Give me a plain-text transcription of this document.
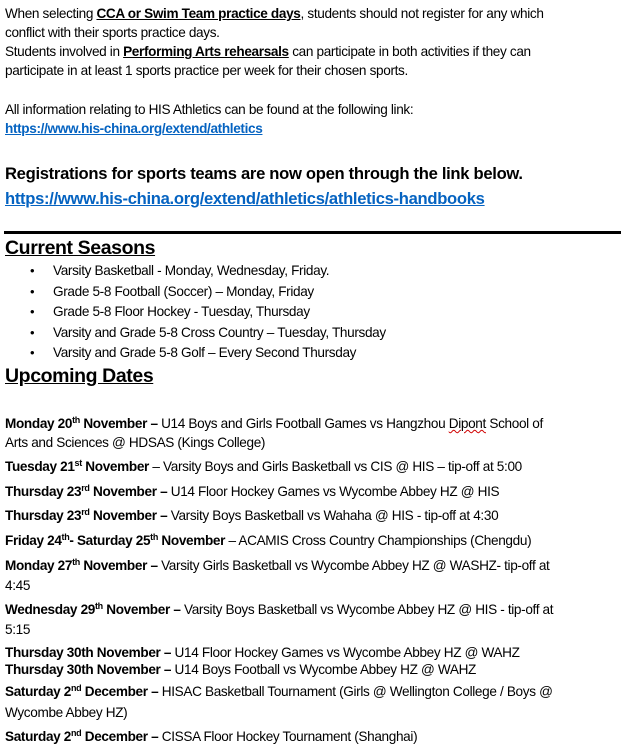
When selecting CCA or Swim Team practice days, students should not register for any which
conflict with their sports practice days.
Students involved in Performing Arts rehearsals can participate in both activities if they can
participate in at least 1 sports practice per week for their chosen sports.
All information relating to HIS Athletics can be found at the following link:
https://www.his-china.org/extend/athletics
Registrations for sports teams are now open through the link below.
https://www.his-china.org/extend/athletics/athletics-handbooks
Current Seasons
• Varsity Basketball - Monday, Wednesday, Friday.
• Grade 5-8 Football (Soccer) – Monday, Friday
• Grade 5-8 Floor Hockey - Tuesday, Thursday
• Varsity and Grade 5-8 Cross Country – Tuesday, Thursday
• Varsity and Grade 5-8 Golf – Every Second Thursday
Upcoming Dates
Monday 20th November – U14 Boys and Girls Football Games vs Hangzhou Dipont School of
Arts and Sciences @ HDSAS (Kings College)
Tuesday 21st November – Varsity Boys and Girls Basketball vs CIS @ HIS – tip-off at 5:00
Thursday 23rd November – U14 Floor Hockey Games vs Wycombe Abbey HZ @ HIS
Thursday 23rd November – Varsity Boys Basketball vs Wahaha @ HIS - tip-off at 4:30
Friday 24th- Saturday 25th November – ACAMIS Cross Country Championships (Chengdu)
Monday 27th November – Varsity Girls Basketball vs Wycombe Abbey HZ @ WASHZ- tip-off at
4:45
Wednesday 29th November – Varsity Boys Basketball vs Wycombe Abbey HZ @ HIS - tip-off at
5:15
Thursday 30th November – U14 Floor Hockey Games vs Wycombe Abbey HZ @ WAHZ
Thursday 30th November – U14 Boys Football vs Wycombe Abbey HZ @ WAHZ
Saturday 2nd December – HISAC Basketball Tournament (Girls @ Wellington College / Boys @
Wycombe Abbey HZ)
Saturday 2nd December – CISSA Floor Hockey Tournament (Shanghai)
